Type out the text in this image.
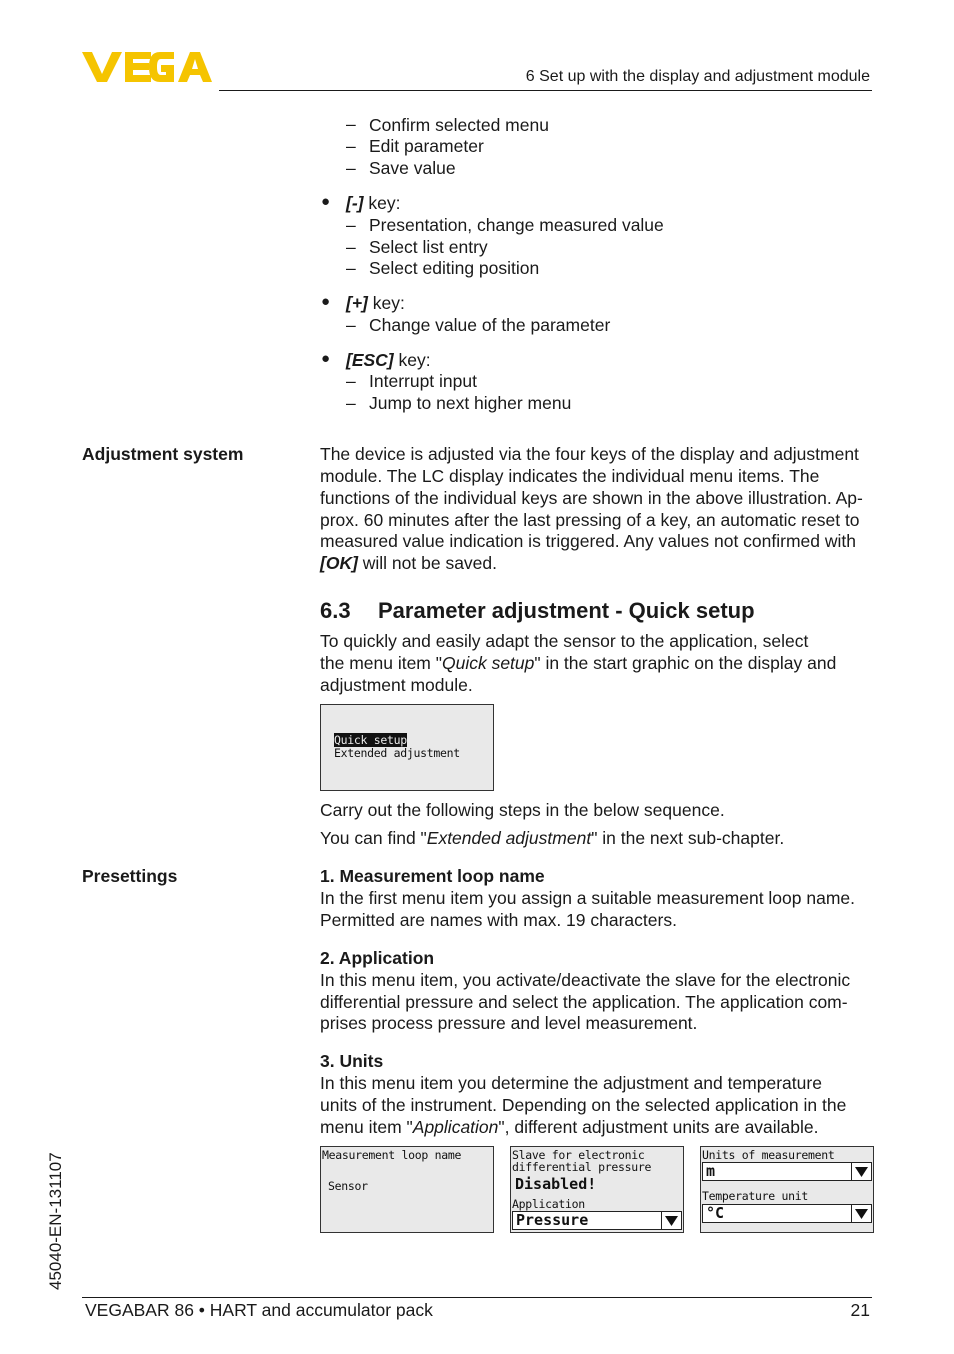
6 Set up with the display and adjustment module
– Confirm selected menu
– Edit parameter
– Save value
● [-] key:
– Presentation, change measured value
– Select list entry
– Select editing position
● [+] key:
– Change value of the parameter
● [ESC] key:
– Interrupt input
– Jump to next higher menu
Adjustment system	The device is adjusted via the four keys of the display and adjustment
module. The LC display indicates the individual menu items. The
functions of the individual keys are shown in the above illustration. Ap-
prox. 60 minutes after the last pressing of a key, an automatic reset to
measured value indication is triggered. Any values not confirmed with
[OK] will not be saved.
6.3 Parameter adjustment - Quick setup
To quickly and easily adapt the sensor to the application, select
the menu item "Quick setup" in the start graphic on the display and
adjustment module.
Quick setup
Extended adjustment
Carry out the following steps in the below sequence.
You can find "Extended adjustment" in the next sub-chapter.
Presettings	1. Measurement loop name
In the first menu item you assign a suitable measurement loop name.
Permitted are names with max. 19 characters.
2. Application
In this menu item, you activate/deactivate the slave for the electronic
differential pressure and select the application. The application com-
prises process pressure and level measurement.
3. Units
In this menu item you determine the adjustment and temperature
units of the instrument. Depending on the selected application in the
menu item "Application", different adjustment units are available.
Measurement loop name
Sensor
Slave for electronic
differential pressure
Disabled!
Application
Pressure
Units of measurement
m
Temperature unit
°C
45040-EN-131107
VEGABAR 86 • HART and accumulator pack	21
